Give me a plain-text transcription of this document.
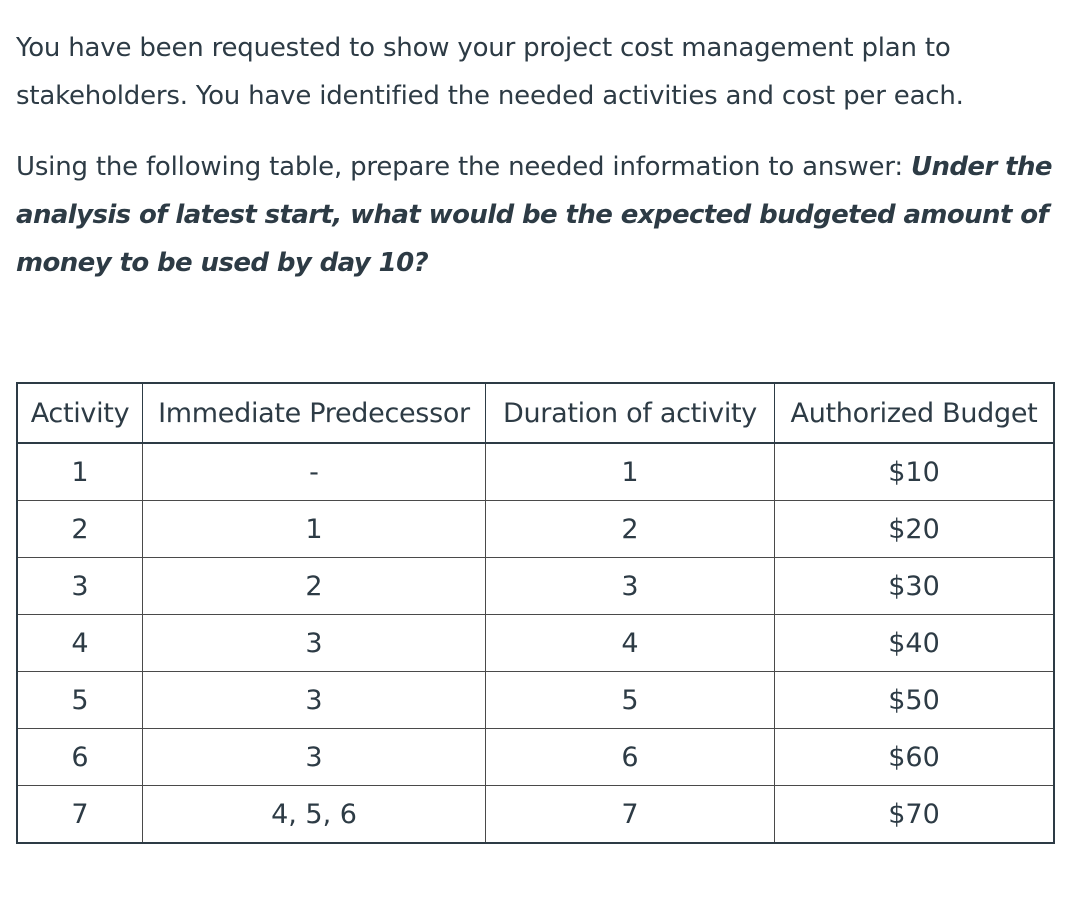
You have been requested to show your project cost management plan to stakeholders. You have identified the needed activities and cost per each.

Using the following table, prepare the needed information to answer: Under the analysis of latest start, what would be the expected budgeted amount of money to be used by day 10?

Activity	Immediate Predecessor	Duration of activity	Authorized Budget
1	-	1	$10
2	1	2	$20
3	2	3	$30
4	3	4	$40
5	3	5	$50
6	3	6	$60
7	4, 5, 6	7	$70
